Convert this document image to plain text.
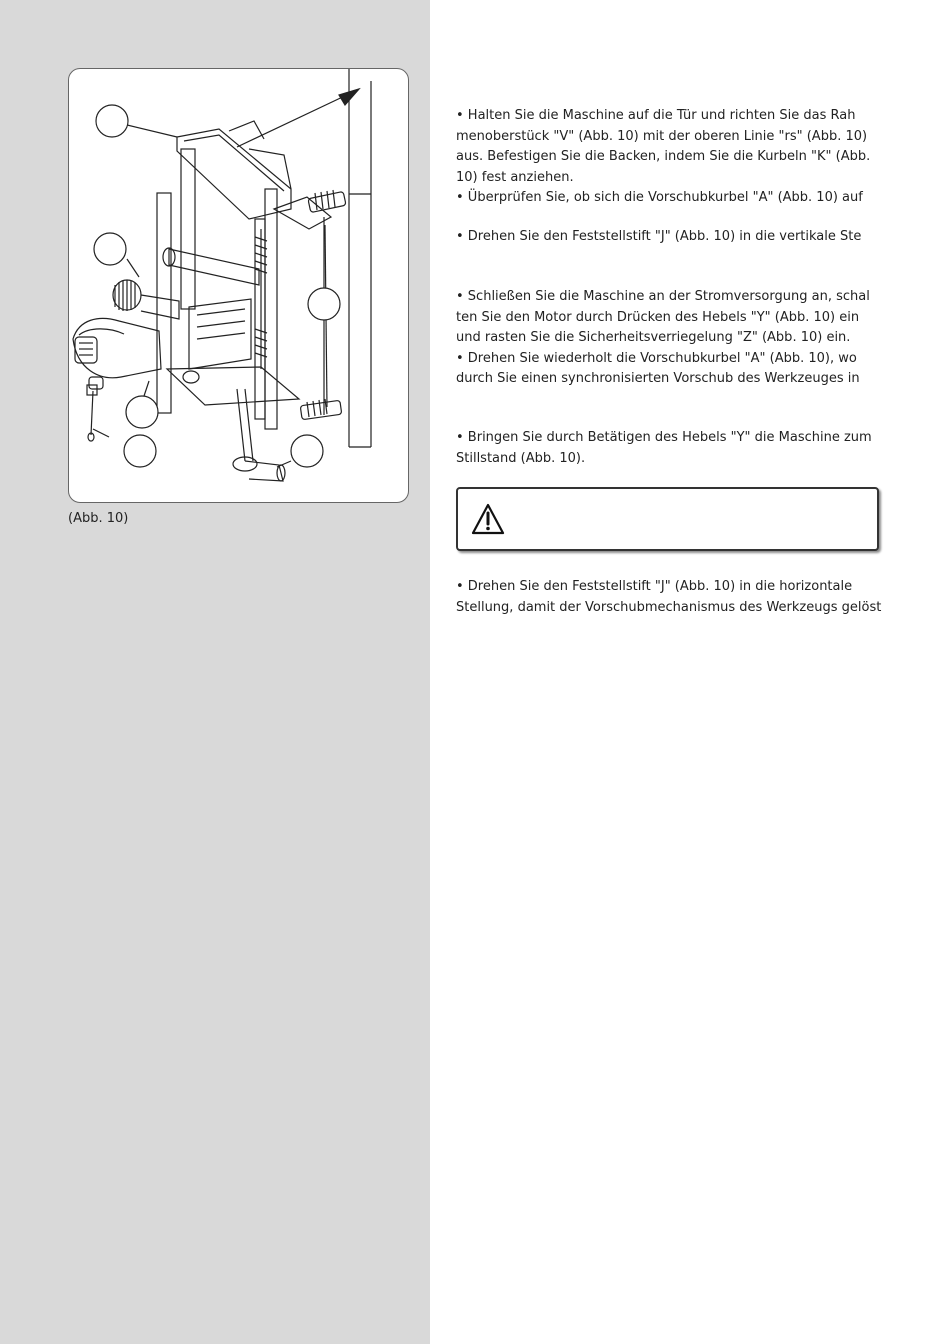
(Abb. 10)

• Halten Sie die Maschine auf die Tür und richten Sie das Rah

menoberstück "V" (Abb. 10) mit der oberen Linie "rs" (Abb. 10)

aus. Befestigen Sie die Backen, indem Sie die Kurbeln "K" (Abb.

10) fest anziehen.

• Überprüfen Sie, ob sich die Vorschubkurbel "A" (Abb. 10) auf

• Drehen Sie den Feststellstift "J" (Abb. 10) in die vertikale Ste

• Schließen Sie die Maschine an der Stromversorgung an, schal

ten Sie den Motor durch Drücken des Hebels "Y" (Abb. 10) ein

und rasten Sie die Sicherheitsverriegelung "Z" (Abb. 10) ein.

• Drehen Sie wiederholt die Vorschubkurbel "A" (Abb. 10), wo

durch Sie einen synchronisierten Vorschub des Werkzeuges in

• Bringen Sie durch Betätigen des Hebels "Y" die Maschine zum

Stillstand (Abb. 10).

• Drehen Sie den Feststellstift "J" (Abb. 10) in die horizontale

Stellung, damit der Vorschubmechanismus des Werkzeugs gelöst
